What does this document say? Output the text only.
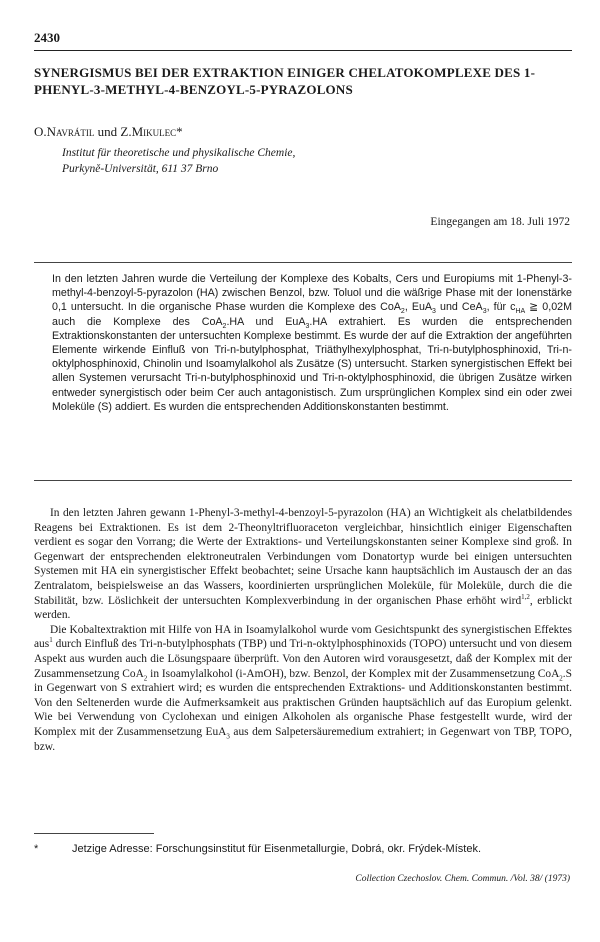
2430
SYNERGISMUS BEI DER EXTRAKTION EINIGER CHELATOKOMPLEXE DES 1-PHENYL-3-METHYL-4-BENZOYL-5-PYRAZOLONS
O.Navrátil und Z.Mikulec*
Institut für theoretische und physikalische Chemie,
Purkyně-Universität, 611 37 Brno
Eingegangen am 18. Juli 1972

In den letzten Jahren wurde die Verteilung der Komplexe des Kobalts, Cers und Europiums mit 1-Phenyl-3-methyl-4-benzoyl-5-pyrazolon (HA) zwischen Benzol, bzw. Toluol und die wäßrige Phase mit der Ionenstärke 0,1 untersucht. In die organische Phase wurden die Komplexe des CoA$_2$, EuA$_3$ und CeA$_3$, für $c_{HA}$ ≧ 0,02M auch die Komplexe des CoA$_2$.HA und EuA$_3$.HA extrahiert. Es wurden die entsprechenden Extraktionskonstanten der untersuchten Komplexe bestimmt. Es wurde der auf die Extraktion der angeführten Elemente wirkende Einfluß von Tri-n-butylphosphat, Triäthylhexylphosphat, Tri-n-butylphosphinoxid, Tri-n-oktylphosphinoxid, Chinolin und Isoamylalkohol als Zusätze (S) untersucht. Starken synergistischen Effekt bei allen Systemen verursacht Tri-n-butylphosphinoxid und Tri-n-oktylphosphinoxid, die übrigen Zusätze wirken entweder synergistisch oder beim Cer auch antagonistisch. Zum ursprünglichen Komplex sind ein oder zwei Moleküle (S) addiert. Es wurden die entsprechenden Additionskonstanten bestimmt.

In den letzten Jahren gewann 1-Phenyl-3-methyl-4-benzoyl-5-pyrazolon (HA) an Wichtigkeit als chelatbildendes Reagens bei Extraktionen. Es ist dem 2-Theonyltrifluoraceton vergleichbar, hinsichtlich einiger Eigenschaften verdient es sogar den Vorrang; die Werte der Extraktions- und Verteilungskonstanten seiner Komplexe sind groß. In Gegenwart der entsprechenden elektroneutralen Verbindungen vom Donatortyp wurde bei einigen untersuchten Systemen mit HA ein synergistischer Effekt beobachtet; seine Ursache kann hauptsächlich im Austausch der an das Zentralatom, beispielsweise an das Wassers, koordinierten ursprünglichen Moleküle, für Moleküle, durch die die Stabilität, bzw. Löslichkeit der untersuchten Komplexverbindung in der organischen Phase erhöht wird$^{1,2}$, erblickt werden.

Die Kobaltextraktion mit Hilfe von HA in Isoamylalkohol wurde vom Gesichtspunkt des synergistischen Effektes aus$^1$ durch Einfluß des Tri-n-butylphosphats (TBP) und Tri-n-oktylphosphinoxids (TOPO) untersucht und von diesem Aspekt aus wurden auch die Lösungspaare überprüft. Von den Autoren wird vorausgesetzt, daß der Komplex mit der Zusammensetzung CoA$_2$ in Isoamylalkohol (i-AmOH), bzw. Benzol, der Komplex mit der Zusammensetzung CoA$_2$.S in Gegenwart von S extrahiert wird; es wurden die entsprechenden Extraktions- und Additionskonstanten bestimmt. Von den Seltenerden wurde die Aufmerksamkeit aus praktischen Gründen hauptsächlich auf das Europium gelenkt. Wie bei Verwendung von Cyclohexan und einigen Alkoholen als organische Phase festgestellt wurde, wird der Komplex mit der Zusammensetzung EuA$_3$ aus dem Salpetersäuremedium extrahiert; in Gegenwart von TBP, TOPO, bzw.

*	Jetzige Adresse: Forschungsinstitut für Eisenmetallurgie, Dobrá, okr. Frýdek-Místek.
Collection Czechoslov. Chem. Commun. /Vol. 38/ (1973)
